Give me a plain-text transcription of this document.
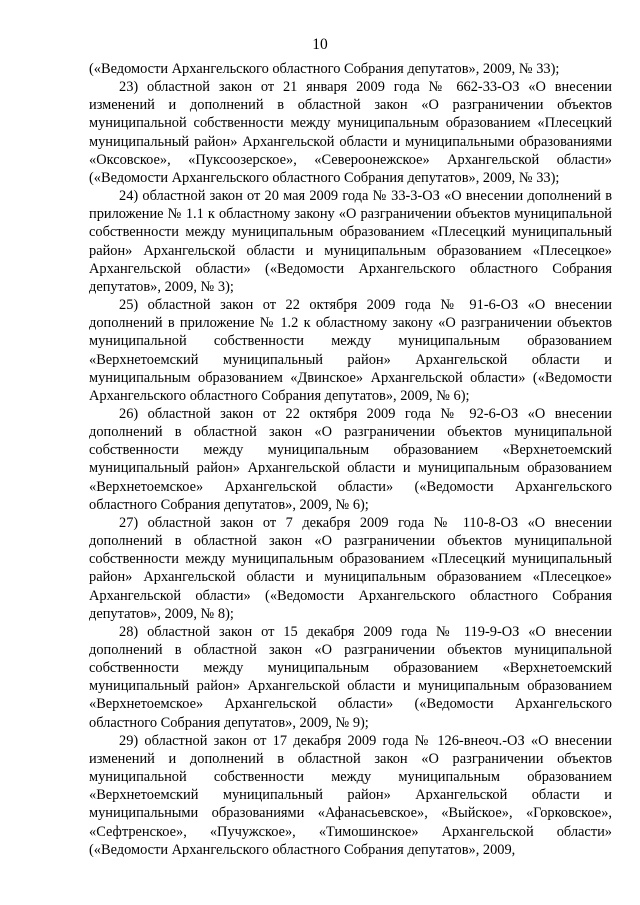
10

(«Ведомости Архангельского областного Собрания депутатов», 2009, № 33);

23) областной закон от 21 января 2009 года № 662-33-ОЗ «О внесении изменений и дополнений в областной закон «О разграничении объектов муниципальной собственности между муниципальным образованием «Плесецкий муниципальный район» Архангельской области и муниципальными образованиями «Оксовское», «Пуксоозерское», «Североонежское» Архангельской области» («Ведомости Архангельского областного Собрания депутатов», 2009, № 33);

24) областной закон от 20 мая 2009 года № 33-3-ОЗ «О внесении дополнений в приложение № 1.1 к областному закону «О разграничении объектов муниципальной собственности между муниципальным образованием «Плесецкий муниципальный район» Архангельской области и муниципальным образованием «Плесецкое» Архангельской области» («Ведомости Архангельского областного Собрания депутатов», 2009, № 3);

25) областной закон от 22 октября 2009 года № 91-6-ОЗ «О внесении дополнений в приложение № 1.2 к областному закону «О разграничении объектов муниципальной собственности между муниципальным образованием «Верхнетоемский муниципальный район» Архангельской области и муниципальным образованием «Двинское» Архангельской области» («Ведомости Архангельского областного Собрания депутатов», 2009, № 6);

26) областной закон от 22 октября 2009 года № 92-6-ОЗ «О внесении дополнений в областной закон «О разграничении объектов муниципальной собственности между муниципальным образованием «Верхнетоемский муниципальный район» Архангельской области и муниципальным образованием «Верхнетоемское» Архангельской области» («Ведомости Архангельского областного Собрания депутатов», 2009, № 6);

27) областной закон от 7 декабря 2009 года № 110-8-ОЗ «О внесении дополнений в областной закон «О разграничении объектов муниципальной собственности между муниципальным образованием «Плесецкий муниципальный район» Архангельской области и муниципальным образованием «Плесецкое» Архангельской области» («Ведомости Архангельского областного Собрания депутатов», 2009, № 8);

28) областной закон от 15 декабря 2009 года № 119-9-ОЗ «О внесении дополнений в областной закон «О разграничении объектов муниципальной собственности между муниципальным образованием «Верхнетоемский муниципальный район» Архангельской области и муниципальным образованием «Верхнетоемское» Архангельской области» («Ведомости Архангельского областного Собрания депутатов», 2009, № 9);

29) областной закон от 17 декабря 2009 года № 126-внеоч.-ОЗ «О внесении изменений и дополнений в областной закон «О разграничении объектов муниципальной собственности между муниципальным образованием «Верхнетоемский муниципальный район» Архангельской области и муниципальными образованиями «Афанасьевское», «Выйское», «Горковское», «Сефтренское», «Пучужское», «Тимошинское» Архангельской области» («Ведомости Архангельского областного Собрания депутатов», 2009,
